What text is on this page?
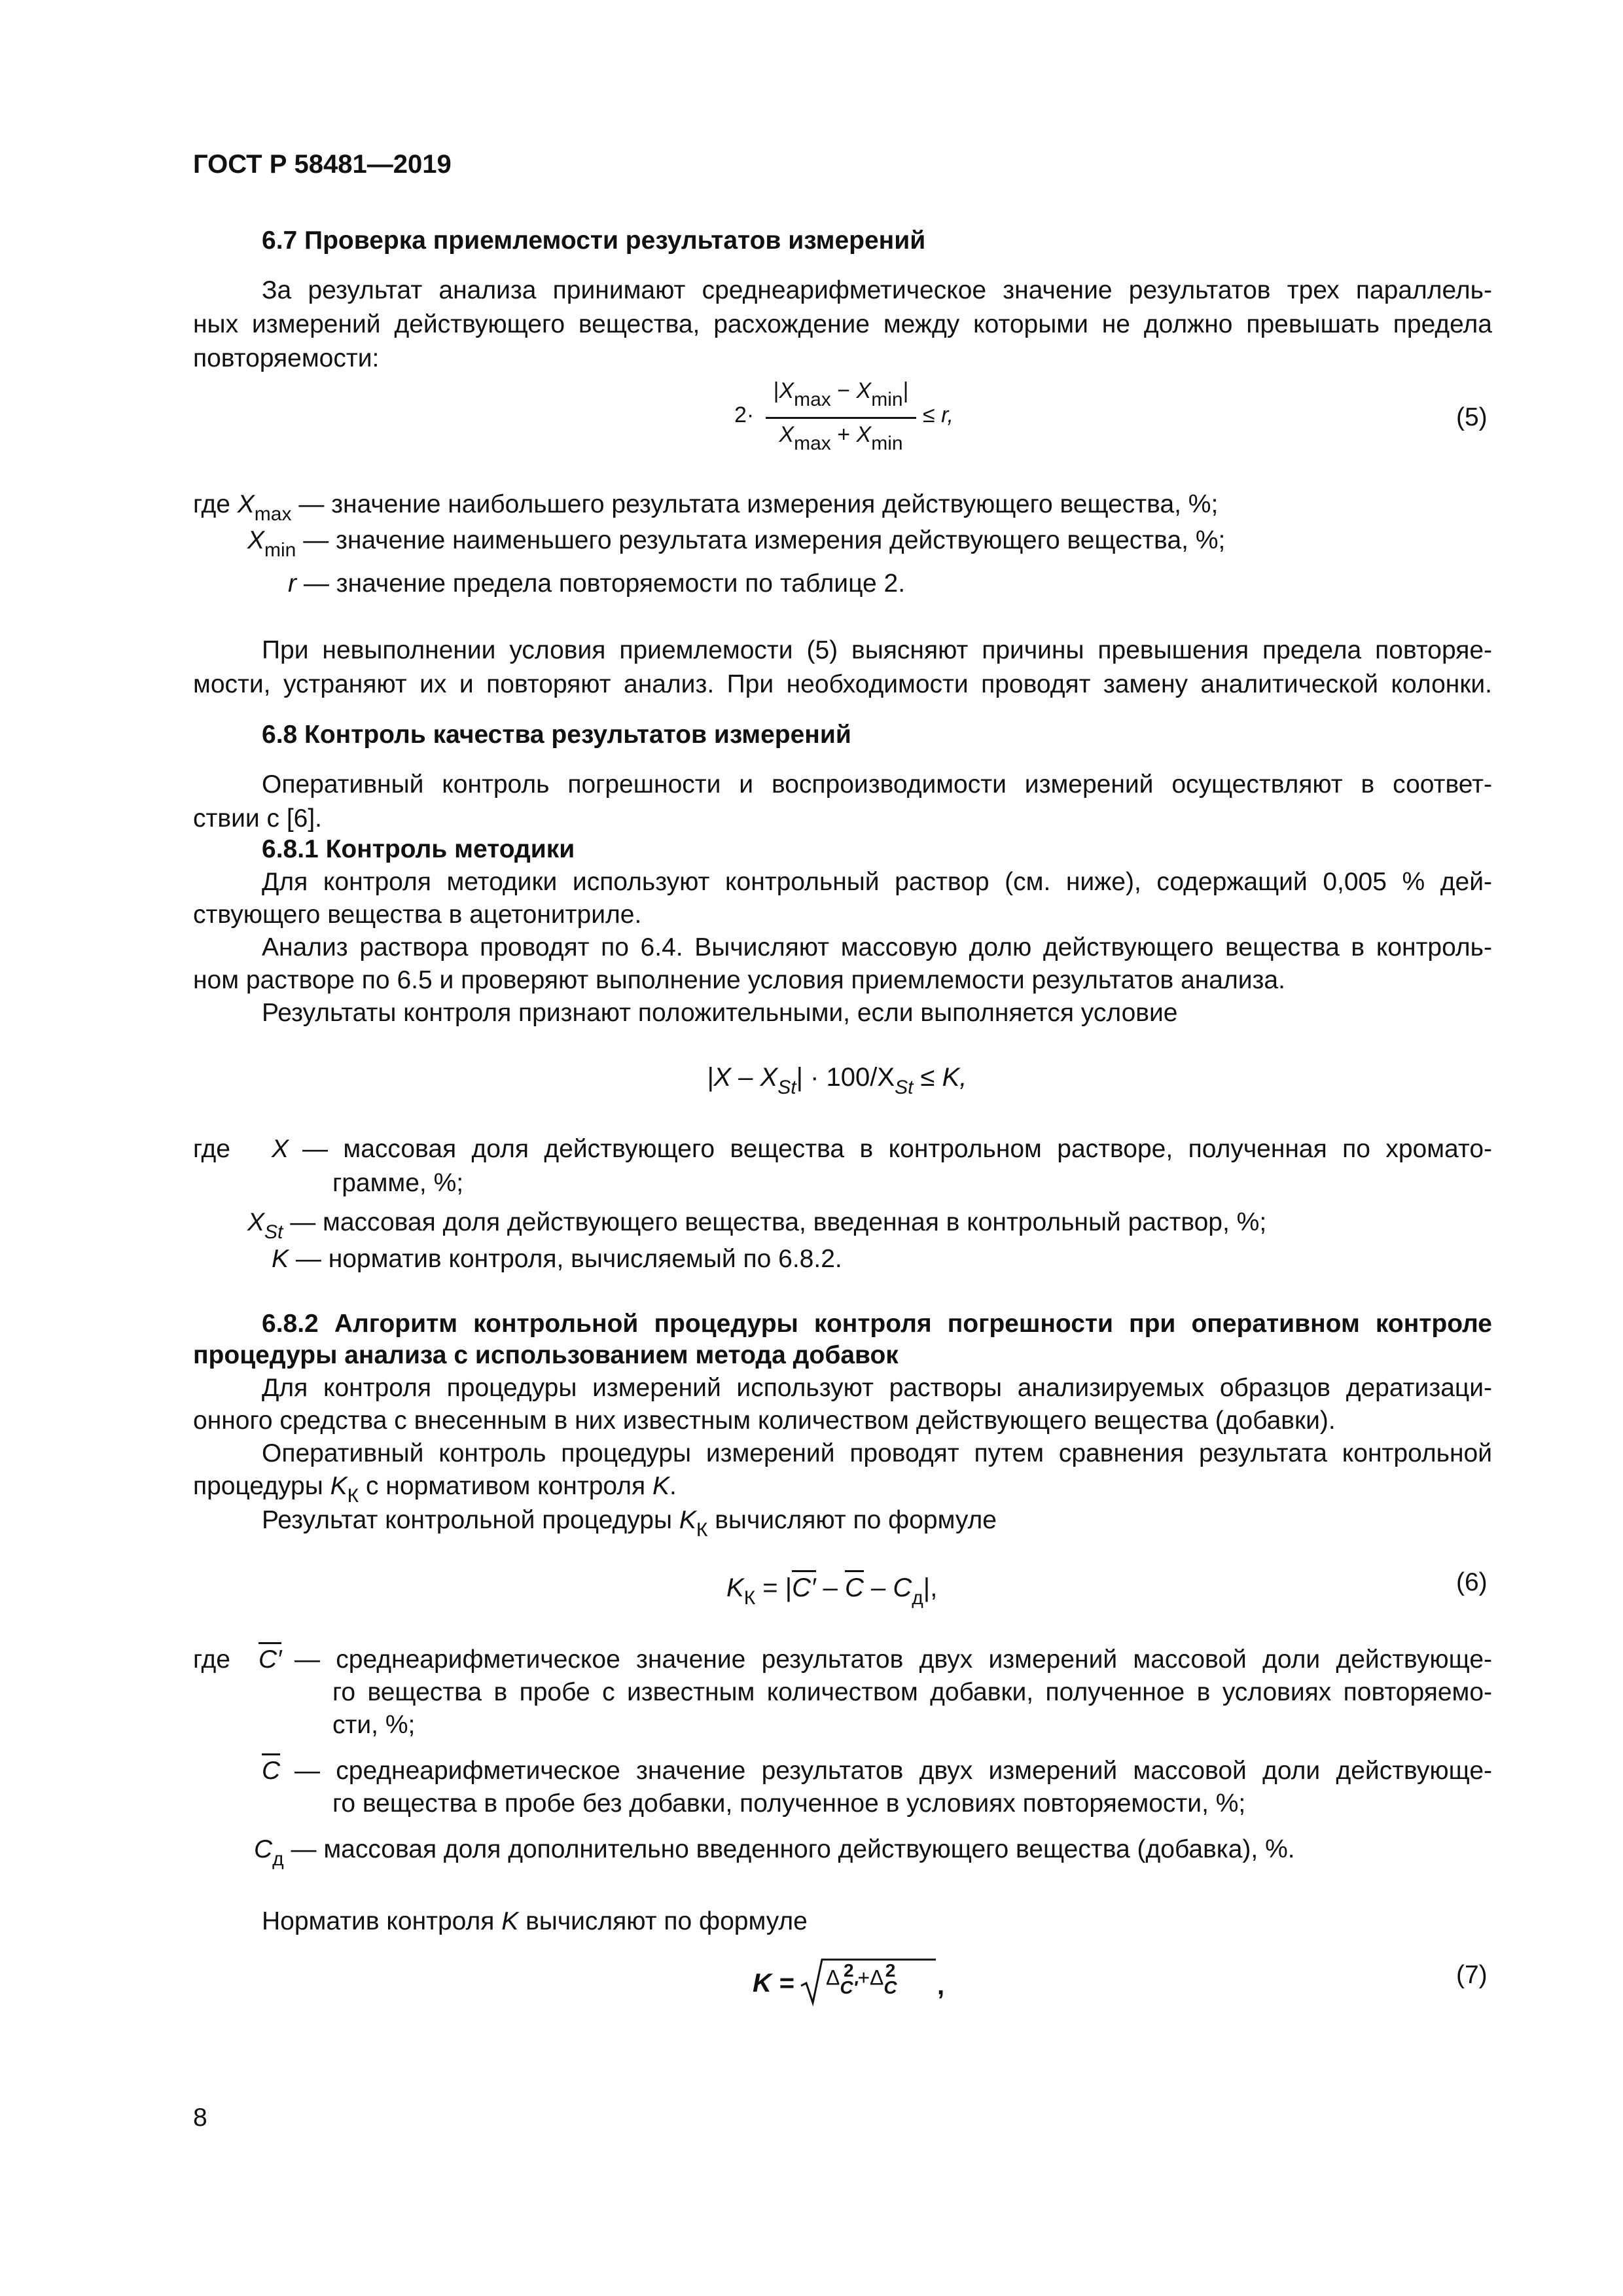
ГОСТ Р 58481—2019
6.7 Проверка приемлемости результатов измерений
За результат анализа принимают среднеарифметическое значение результатов трех параллель-
ных измерений действующего вещества, расхождение между которыми не должно превышать предела
повторяемости:
2·
|Xmax − Xmin|
Xmax + Xmin
≤ r,	(5)
где $X_{max}$ — значение наибольшего результата измерения действующего вещества, %;
$X_{min}$ — значение наименьшего результата измерения действующего вещества, %;
r — значение предела повторяемости по таблице 2.
При невыполнении условия приемлемости (5) выясняют причины превышения предела повторяе-
мости, устраняют их и повторяют анализ. При необходимости проводят замену аналитической колонки.
6.8 Контроль качества результатов измерений
Оперативный контроль погрешности и воспроизводимости измерений осуществляют в соответ-
ствии с [6].
6.8.1 Контроль методики
Для контроля методики используют контрольный раствор (см. ниже), содержащий 0,005 % дей-
ствующего вещества в ацетонитриле.
Анализ раствора проводят по 6.4. Вычисляют массовую долю действующего вещества в контроль-
ном растворе по 6.5 и проверяют выполнение условия приемлемости результатов анализа.
Результаты контроля признают положительными, если выполняется условие
$|X - X_{St}| \cdot 100/X_{St} \le K$,
где X — массовая доля действующего вещества в контрольном растворе, полученная по хромато-
грамме, %;
$X_{St}$ — массовая доля действующего вещества, введенная в контрольный раствор, %;
K — норматив контроля, вычисляемый по 6.8.2.
6.8.2 Алгоритм контрольной процедуры контроля погрешности при оперативном контроле
процедуры анализа с использованием метода добавок
Для контроля процедуры измерений используют растворы анализируемых образцов дератизаци-
онного средства с внесенным в них известным количеством действующего вещества (добавки).
Оперативный контроль процедуры измерений проводят путем сравнения результата контрольной
процедуры $K_К$ с нормативом контроля K.
Результат контрольной процедуры $K_К$ вычисляют по формуле
$K_К = |C' - C - C_д|$,	(6)
где C′ — среднеарифметическое значение результатов двух измерений массовой доли действующе-
го вещества в пробе с известным количеством добавки, полученное в условиях повторяемо-
сти, %;
C — среднеарифметическое значение результатов двух измерений массовой доли действующе-
го вещества в пробе без добавки, полученное в условиях повторяемости, %;
$C_д$ — массовая доля дополнительно введенного действующего вещества (добавка), %.
Норматив контроля K вычисляют по формуле
K = Δ 2
C′ +Δ 2
C ,	(7)
8
